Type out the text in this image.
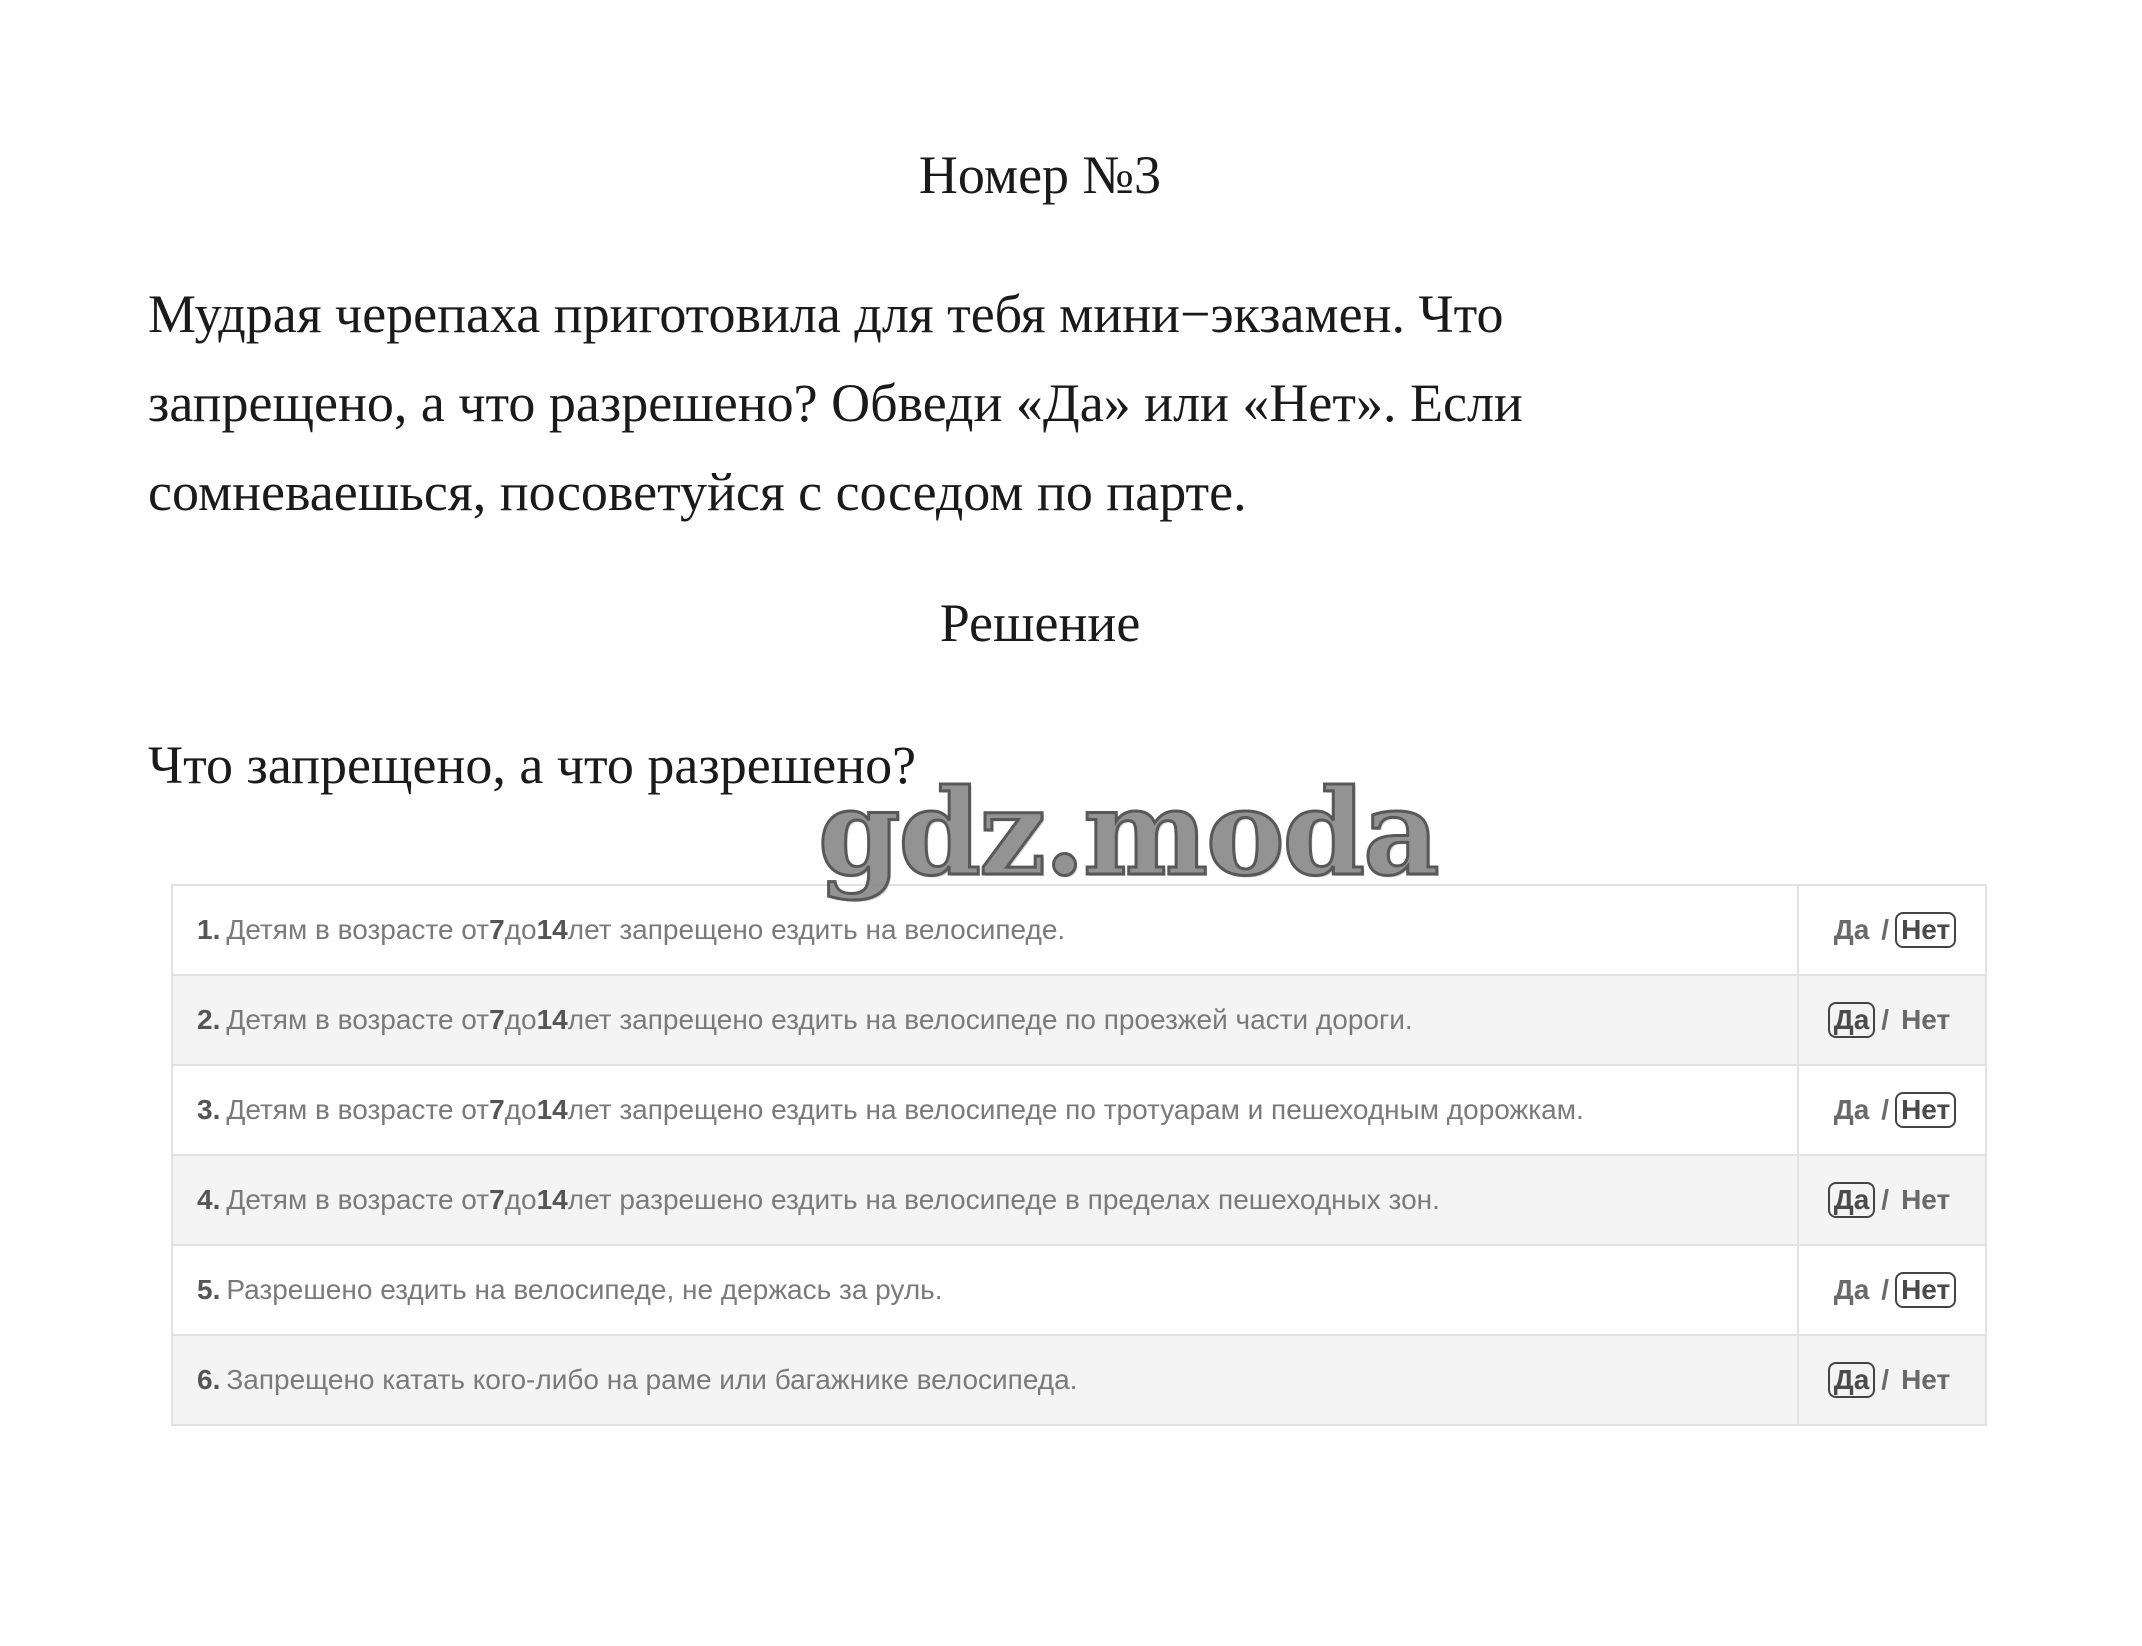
Номер №3
Мудрая черепаха приготовила для тебя мини−экзамен. Что
запрещено, а что разрешено? Обведи «Да» или «Нет». Если
сомневаешься, посоветуйся с соседом по парте.
Решение
Что запрещено, а что разрешено?
1. Детям в возрасте от 7 до 14 лет запрещено ездить на велосипеде.	Да / Нет
2. Детям в возрасте от 7 до 14 лет запрещено ездить на велосипеде по проезжей части дороги.	Да / Нет
3. Детям в возрасте от 7 до 14 лет запрещено ездить на велосипеде по тротуарам и пешеходным дорожкам.	Да / Нет
4. Детям в возрасте от 7 до 14 лет разрешено ездить на велосипеде в пределах пешеходных зон.	Да / Нет
5. Разрешено ездить на велосипеде, не держась за руль.	Да / Нет
6. Запрещено катать кого-либо на раме или багажнике велосипеда.	Да / Нет
gdz.moda
